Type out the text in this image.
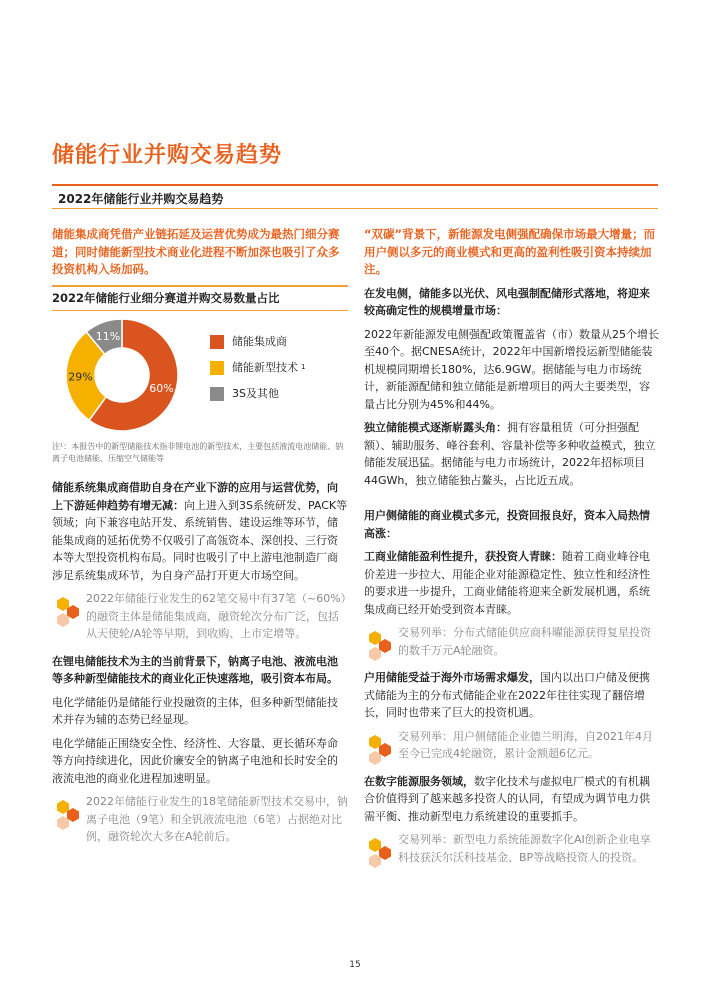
储能行业并购交易趋势
2022年储能行业并购交易趋势
储能集成商凭借产业链拓延及运营优势成为最热门细分赛道；同时储能新型技术商业化进程不断加深也吸引了众多投资机构入场加码。
2022年储能行业细分赛道并购交易数量占比
60%
29%
11%	储能集成商
储能新型技术 1
3S及其他
注¹：本报告中的新型储能技术指非锂电池的新型技术，主要包括液流电池储能、钠离子电池储能、压缩空气储能等
储能系统集成商借助自身在产业下游的应用与运营优势，向上下游延伸趋势有增无减：向上进入到3S系统研发、PACK等领域；向下兼容电站开发、系统销售、建设运维等环节，储能集成商的延拓优势不仅吸引了高瓴资本、深创投、三行资本等大型投资机构布局。同时也吸引了中上游电池制造厂商涉足系统集成环节，为自身产品打开更大市场空间。
2022年储能行业发生的62笔交易中有37笔（~60%）的融资主体是储能集成商，融资轮次分布广泛，包括从天使轮/A轮等早期，到收购、上市定增等。
在锂电储能技术为主的当前背景下，钠离子电池、液流电池等多种新型储能技术的商业化正快速落地，吸引资本布局。
电化学储能仍是储能行业投融资的主体，但多种新型储能技术并存为辅的态势已经显现。
电化学储能正围绕安全性、经济性、大容量、更长循环寿命等方向持续进化，因此价廉安全的钠离子电池和长时安全的液流电池的商业化进程加速明显。
2022年储能行业发生的18笔储能新型技术交易中，钠离子电池（9笔）和全钒液流电池（6笔）占据绝对比例，融资轮次大多在A轮前后。
“双碳”背景下，新能源发电侧强配确保市场最大增量；而用户侧以多元的商业模式和更高的盈利性吸引资本持续加注。
在发电侧，储能多以光伏、风电强制配储形式落地，将迎来较高确定性的规模增量市场：
2022年新能源发电侧强配政策覆盖省（市）数量从25个增长至40个。据CNESA统计，2022年中国新增投运新型储能装机规模同期增长180%，达6.9GW。据储能与电力市场统计，新能源配储和独立储能是新增项目的两大主要类型，容量占比分别为45%和44%。
独立储能模式逐渐崭露头角：拥有容量租赁（可分担强配额）、辅助服务、峰谷套利、容量补偿等多种收益模式，独立储能发展迅猛。据储能与电力市场统计，2022年招标项目44GWh，独立储能独占鳌头，占比近五成。
用户侧储能的商业模式多元，投资回报良好，资本入局热情高涨：
工商业储能盈利性提升，获投资人青睐：随着工商业峰谷电价差进一步拉大、用能企业对能源稳定性、独立性和经济性的要求进一步提升，工商业储能将迎来全新发展机遇，系统集成商已经开始受到资本青睐。
交易列举：分布式储能供应商科曜能源获得复星投资的数千万元A轮融资。
户用储能受益于海外市场需求爆发，国内以出口户储及便携式储能为主的分布式储能企业在2022年往往实现了翻倍增长，同时也带来了巨大的投资机遇。
交易列举：用户侧储能企业德兰明海，自2021年4月至今已完成4轮融资，累计金额超6亿元。
在数字能源服务领域，数字化技术与虚拟电厂模式的有机耦合价值得到了越来越多投资人的认同，有望成为调节电力供需平衡、推动新型电力系统建设的重要抓手。
交易列举：新型电力系统能源数字化AI创新企业电享科技获沃尔沃科技基金、BP等战略投资人的投资。
15
